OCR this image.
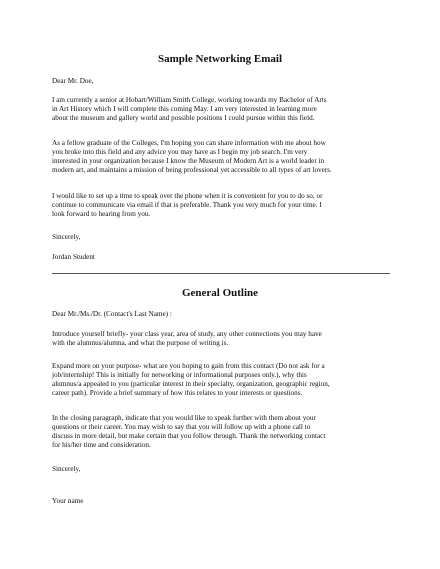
Sample Networking Email

Dear Mr. Doe,

I am currently a senior at Hobart/William Smith College, working towards my Bachelor of Arts
in Art History which I will complete this coming May. I am very interested in learning more
about the museum and gallery world and possible positions I could pursue within this field.

As a fellow graduate of the Colleges, I'm hoping you can share information with me about how
you broke into this field and any advice you may have as I begin my job search. I'm very
interested in your organization because I know the Museum of Modern Art is a world leader in
modern art, and maintains a mission of being professional yet accessible to all types of art lovers.

I would like to set up a time to speak over the phone when it is convenient for you to do so, or
continue to communicate via email if that is preferable. Thank you very much for your time. I
look forward to hearing from you.

Sincerely,

Jordan Student

General Outline

Dear Mr./Ms./Dr. (Contact's Last Name) :

Introduce yourself briefly- your class year, area of study, any other connections you may have
with the alumnus/alumna, and what the purpose of writing is.

Expand more on your purpose- what are you hoping to gain from this contact (Do not ask for a
job/internship! This is initially for networking or informational purposes only.), why this
alumnus/a appealed to you (particular interest in their specialty, organization, geographic region,
career path). Provide a brief summary of how this relates to your interests or questions.

In the closing paragraph, indicate that you would like to speak further with them about your
questions or their career. You may wish to say that you will follow up with a phone call to
discuss in more detail, but make certain that you follow through. Thank the networking contact
for his/her time and consideration.

Sincerely,

Your name
